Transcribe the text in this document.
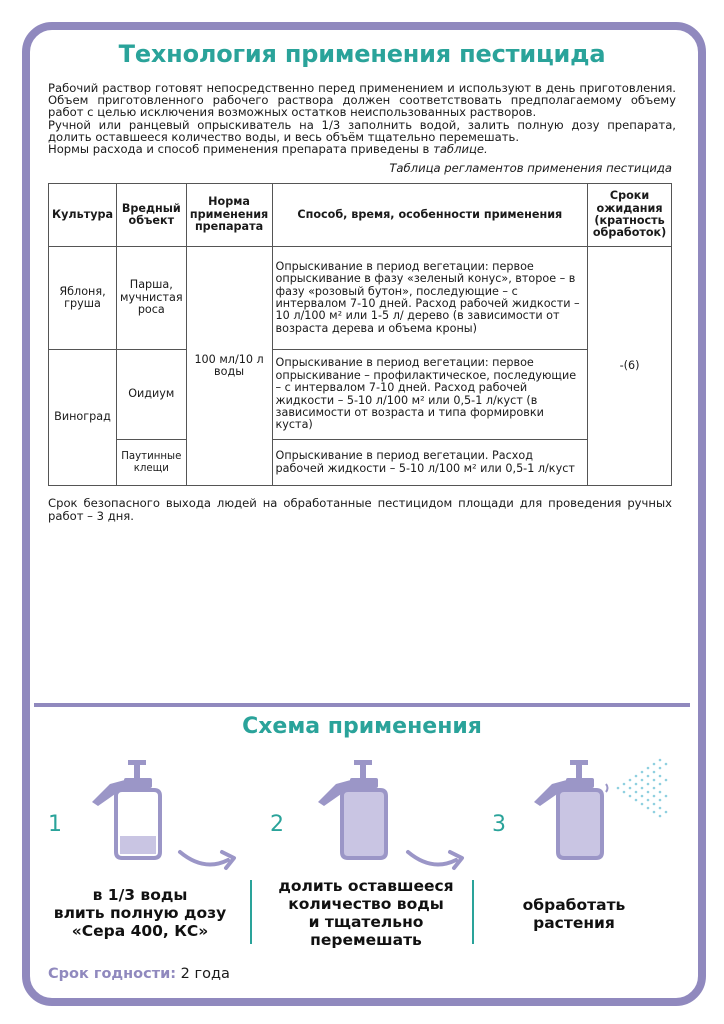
Технология применения пестицида

Рабочий раствор готовят непосредственно перед применением и используют в день приготовления. Объем приготовленного рабочего раствора должен соответствовать предполагаемому объему работ с целью исключения возможных остатков неиспользованных растворов.

Ручной или ранцевый опрыскиватель на 1/3 заполнить водой, залить полную дозу препарата, долить оставшееся количество воды, и весь объём тщательно перемешать.

Нормы расхода и способ применения препарата приведены в таблице.

Таблица регламентов применения пестицида
Культура	Вредный объект	Норма применения препарата	Способ, время, особенности применения	Сроки ожидания (кратность обработок)
Яблоня, груша	Парша, мучнистая роса	100 мл/10 л воды	Опрыскивание в период вегетации: первое опрыскивание в фазу «зеленый конус», второе – в фазу «розовый бутон», последующие – с интервалом 7-10 дней. Расход рабочей жидкости – 10 л/100 м² или 1-5 л/ дерево (в зависимости от возраста дерева и объема кроны)	-(6)
Виноград	Оидиум		Опрыскивание в период вегетации: первое опрыскивание – профилактическое, последующие – с интервалом 7-10 дней. Расход рабочей жидкости – 5-10 л/100 м² или 0,5-1 л/куст (в зависимости от возраста и типа формировки куста)	
	Паутинные клещи		Опрыскивание в период вегетации. Расход рабочей жидкости – 5-10 л/100 м² или 0,5-1 л/куст	
Срок безопасного выхода людей на обработанные пестицидом площади для проведения ручных работ – 3 дня.
Схема применения
1	2	3
в 1/3 воды
влить полную дозу
«Сера 400, КС»
долить оставшееся
количество воды
и тщательно
перемешать
обработать
растения
Срок годности: 2 года
